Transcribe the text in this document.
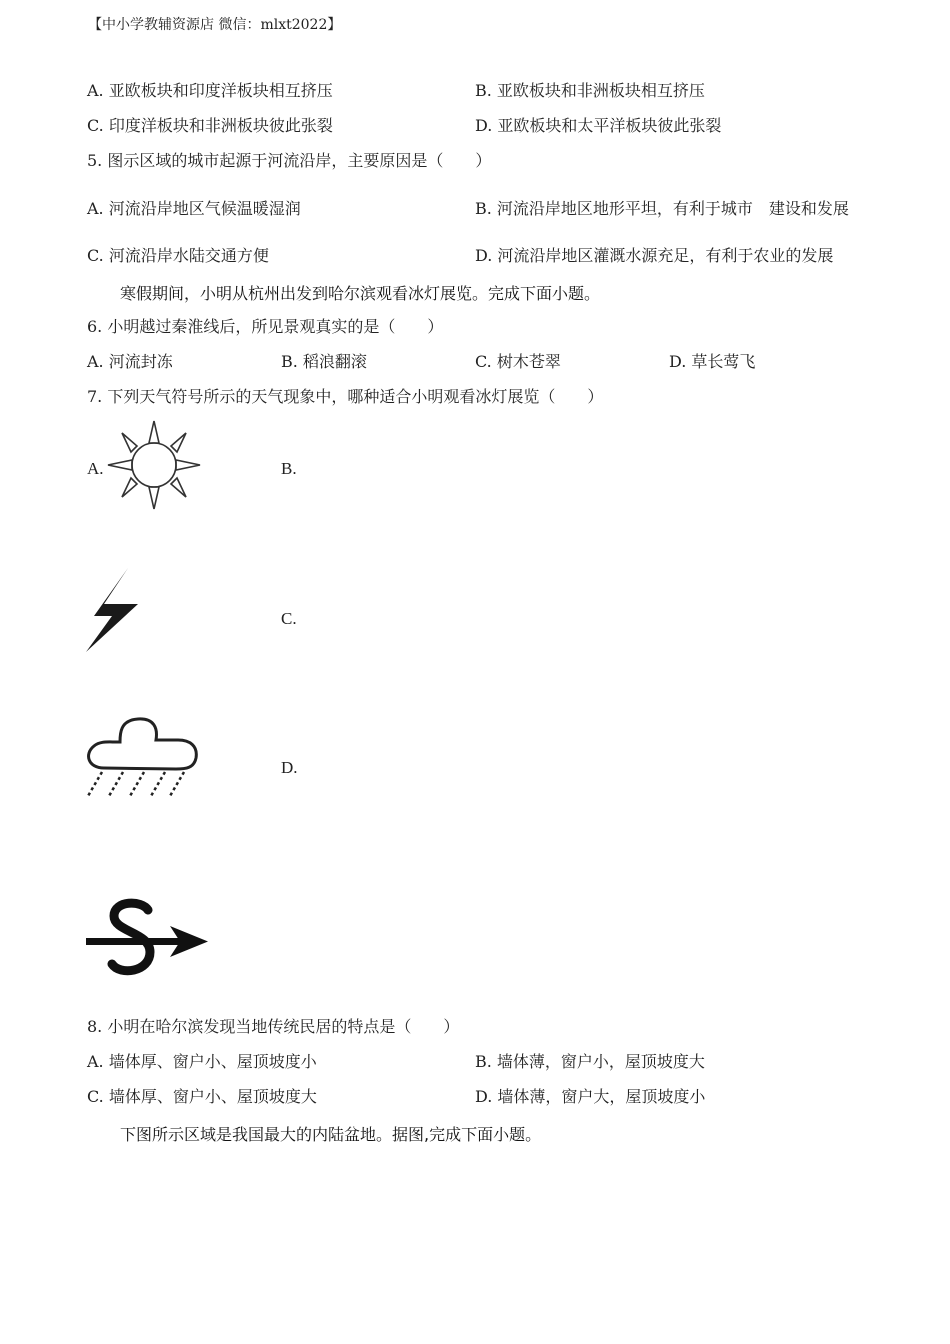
【中小学教辅资源店 微信：mlxt2022】
A. 亚欧板块和印度洋板块相互挤压	B. 亚欧板块和非洲板块相互挤压
C. 印度洋板块和非洲板块彼此张裂	D. 亚欧板块和太平洋板块彼此张裂
5. 图示区域的城市起源于河流沿岸，主要原因是（　　）
A. 河流沿岸地区气候温暖湿润	B. 河流沿岸地区地形平坦，有利于城市　建设和发展
C. 河流沿岸水陆交通方便	D. 河流沿岸地区灌溉水源充足，有利于农业的发展
寒假期间，小明从杭州出发到哈尔滨观看冰灯展览。完成下面小题。
6. 小明越过秦淮线后，所见景观真实的是（　　）
A. 河流封冻	B. 稻浪翻滚	C. 树木苍翠	D. 草长莺飞
7. 下列天气符号所示的天气现象中，哪种适合小明观看冰灯展览（　　）
A.	B.
C.
D.
8. 小明在哈尔滨发现当地传统民居的特点是（　　）
A. 墙体厚、窗户小、屋顶坡度小	B. 墙体薄，窗户小，屋顶坡度大
C. 墙体厚、窗户小、屋顶坡度大	D. 墙体薄，窗户大，屋顶坡度小
下图所示区域是我国最大的内陆盆地。据图,完成下面小题。
